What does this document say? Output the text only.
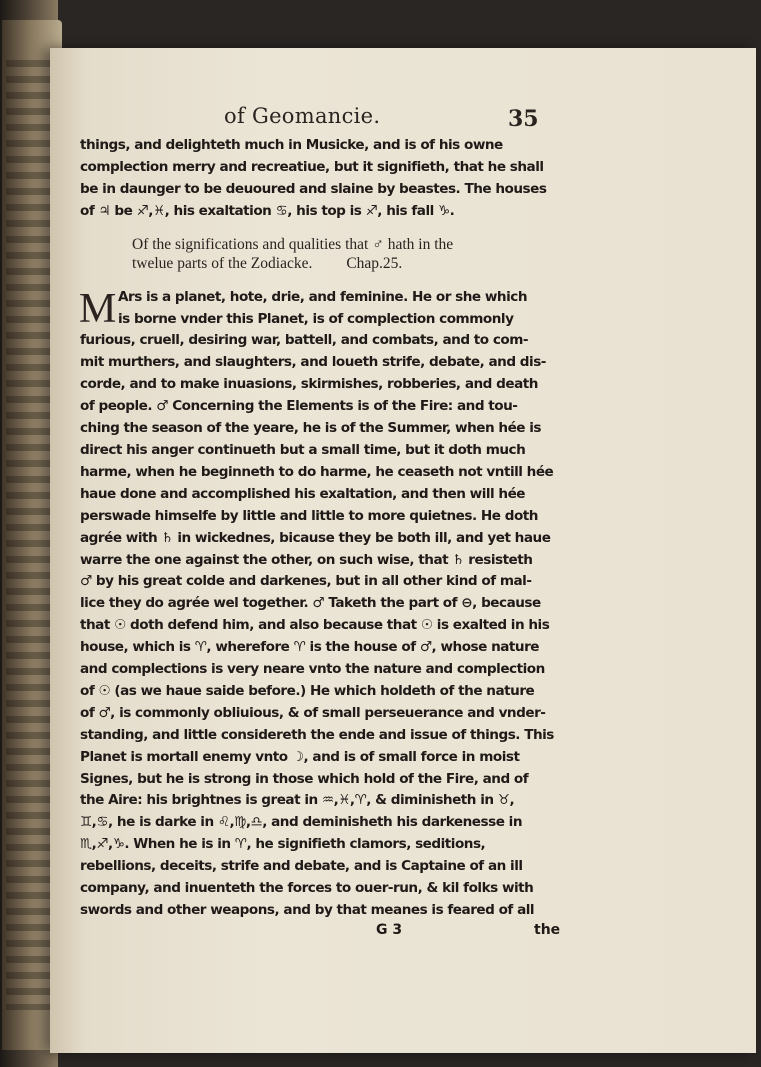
of Geomancie.	35
things, and delighteth much in Musicke, and is of his owne
complection merry and recreatiue, but it signifieth, that he shall
be in daunger to be deuoured and slaine by beastes. The houses
of ♃ be ♐,♓, his exaltation ♋, his top is ♐, his fall ♑.
Of the significations and qualities that ♂ hath in the
twelue parts of the Zodiacke. Chap.25.
M Ars is a planet, hote, drie, and feminine. He or she which
is borne vnder this Planet, is of complection commonly
furious, cruell, desiring war, battell, and combats, and to com-
mit murthers, and slaughters, and loueth strife, debate, and dis-
corde, and to make inuasions, skirmishes, robberies, and death
of people. ♂ Concerning the Elements is of the Fire: and tou-
ching the season of the yeare, he is of the Summer, when hée is
direct his anger continueth but a small time, but it doth much
harme, when he beginneth to do harme, he ceaseth not vntill hée
haue done and accomplished his exaltation, and then will hée
perswade himselfe by little and little to more quietnes. He doth
agrée with ♄ in wickednes, bicause they be both ill, and yet haue
warre the one against the other, on such wise, that ♄ resisteth
♂ by his great colde and darkenes, but in all other kind of mal-
lice they do agrée wel together. ♂ Taketh the part of ⊖, because
that ☉ doth defend him, and also because that ☉ is exalted in his
house, which is ♈, wherefore ♈ is the house of ♂, whose nature
and complections is very neare vnto the nature and complection
of ☉ (as we haue saide before.) He which holdeth of the nature
of ♂, is commonly obliuious, & of small perseuerance and vnder-
standing, and little considereth the ende and issue of things. This
Planet is mortall enemy vnto ☽, and is of small force in moist
Signes, but he is strong in those which hold of the Fire, and of
the Aire: his brightnes is great in ♒,♓,♈, & diminisheth in ♉,
♊,♋, he is darke in ♌,♍,♎, and deminisheth his darkenesse in
♏,♐,♑. When he is in ♈, he signifieth clamors, seditions,
rebellions, deceits, strife and debate, and is Captaine of an ill
company, and inuenteth the forces to ouer-run, & kil folks with
swords and other weapons, and by that meanes is feared of all
G 3	the
